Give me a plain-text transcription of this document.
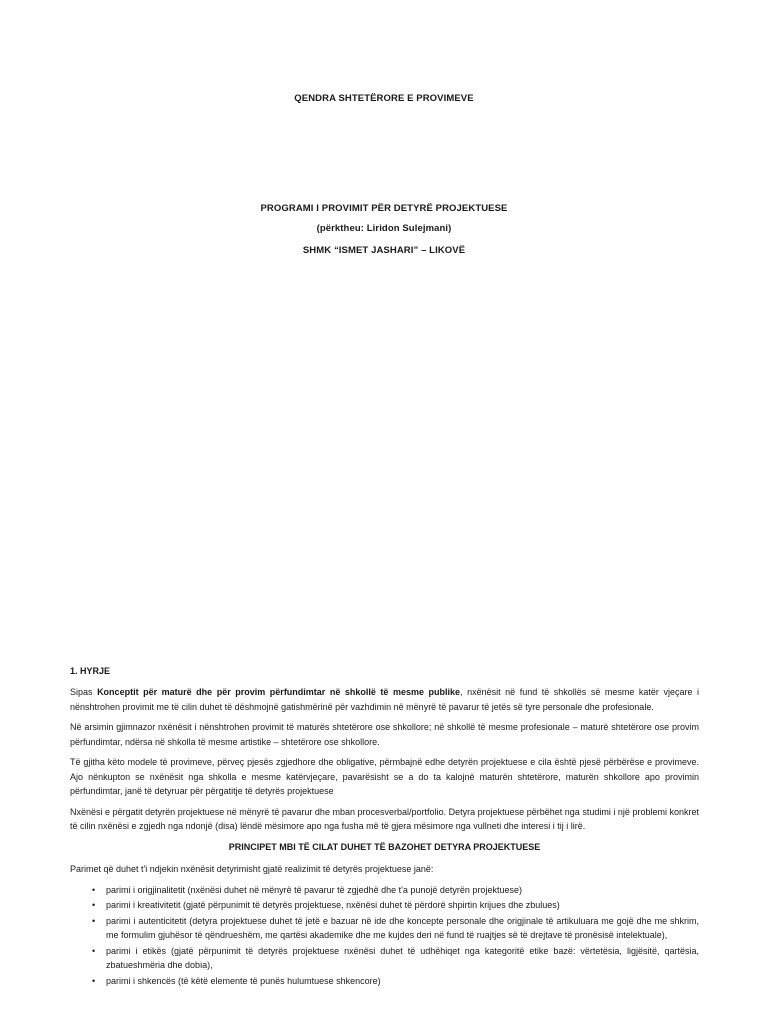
QENDRA SHTETËRORE E PROVIMEVE
PROGRAMI I PROVIMIT PËR DETYRË PROJEKTUESE
(përktheu: Liridon Sulejmani)
SHMK “ISMET JASHARI” – LIKOVË
1. HYRJE

Sipas Konceptit për maturë dhe për provim përfundimtar në shkollë të mesme publike, nxënësit në fund të shkollës së mesme katër vjeçare i nënshtrohen provimit me të cilin duhet të dëshmojnë gatishmërinë për vazhdimin në mënyrë të pavarur të jetës së tyre personale dhe profesionale.

Në arsimin gjimnazor nxënësit i nënshtrohen provimit të maturës shtetërore ose shkollore; në shkollë të mesme profesionale – maturë shtetërore ose provim përfundimtar, ndërsa në shkolla të mesme artistike – shtetërore ose shkollore.

Të gjitha këto modele të provimeve, përveç pjesës zgjedhore dhe obligative, përmbajnë edhe detyrën projektuese e cila është pjesë përbërëse e provimeve. Ajo nënkupton se nxënësit nga shkolla e mesme katërvjeçare, pavarësisht se a do ta kalojnë maturën shtetërore, maturën shkollore apo provimin përfundimtar, janë të detyruar për përgatitje të detyrës projektuese

Nxënësi e përgatit detyrën projektuese në mënyrë të pavarur dhe mban procesverbal/portfolio. Detyra projektuese përbëhet nga studimi i një problemi konkret të cilin nxënësi e zgjedh nga ndonjë (disa) lëndë mësimore apo nga fusha më të gjera mësimore nga vullneti dhe interesi i tij i lirë.

PRINCIPET MBI TË CILAT DUHET TË BAZOHET DETYRA PROJEKTUESE

Parimet që duhet t'i ndjekin nxënësit detyrimisht gjatë realizimit të detyrës projektuese janë:

• parimi i origjinalitetit (nxënësi duhet në mënyrë të pavarur të zgjedhë dhe t'a punojë detyrën projektuese)
• parimi i kreativitetit (gjatë përpunimit të detyrës projektuese, nxënësi duhet të përdorë shpirtin krijues dhe zbulues)
• parimi i autenticitetit (detyra projektuese duhet të jetë e bazuar në ide dhe koncepte personale dhe origjinale të artikuluara me gojë dhe me shkrim, me formulim gjuhësor të qëndrueshëm, me qartësi akademike dhe me kujdes deri në fund të ruajtjes së të drejtave të pronësisë intelektuale),
• parimi i etikës (gjatë përpunimit të detyrës projektuese nxënësi duhet të udhëhiqet nga kategoritë etike bazë: vërtetësia, ligjësitë, qartësia, zbatueshmëria dhe dobia),
• parimi i shkencës (të këtë elemente të punës hulumtuese shkencore)
